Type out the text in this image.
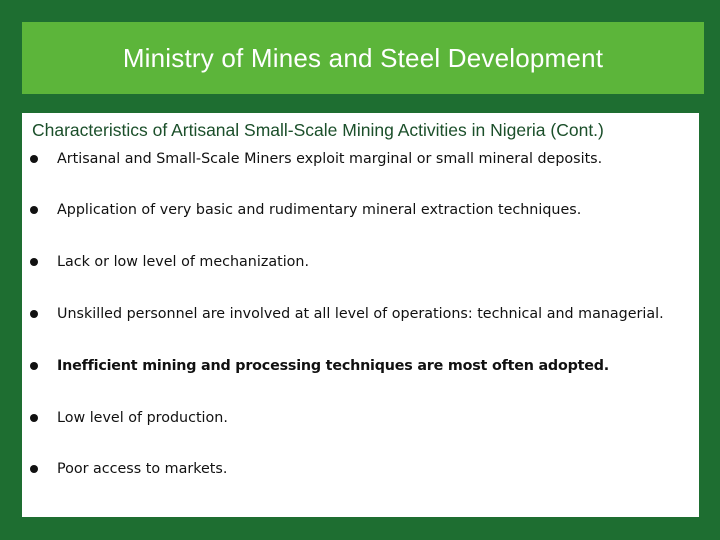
Ministry of Mines and Steel Development
Characteristics of Artisanal Small-Scale Mining Activities in Nigeria (Cont.)
Artisanal and Small-Scale Miners exploit marginal or small mineral deposits.
Application of very basic and rudimentary mineral extraction techniques.
Lack or low level of mechanization.
Unskilled personnel are involved at all level of operations: technical and managerial.
Inefficient mining and processing techniques are most often adopted.
Low level of production.
Poor access to markets.
